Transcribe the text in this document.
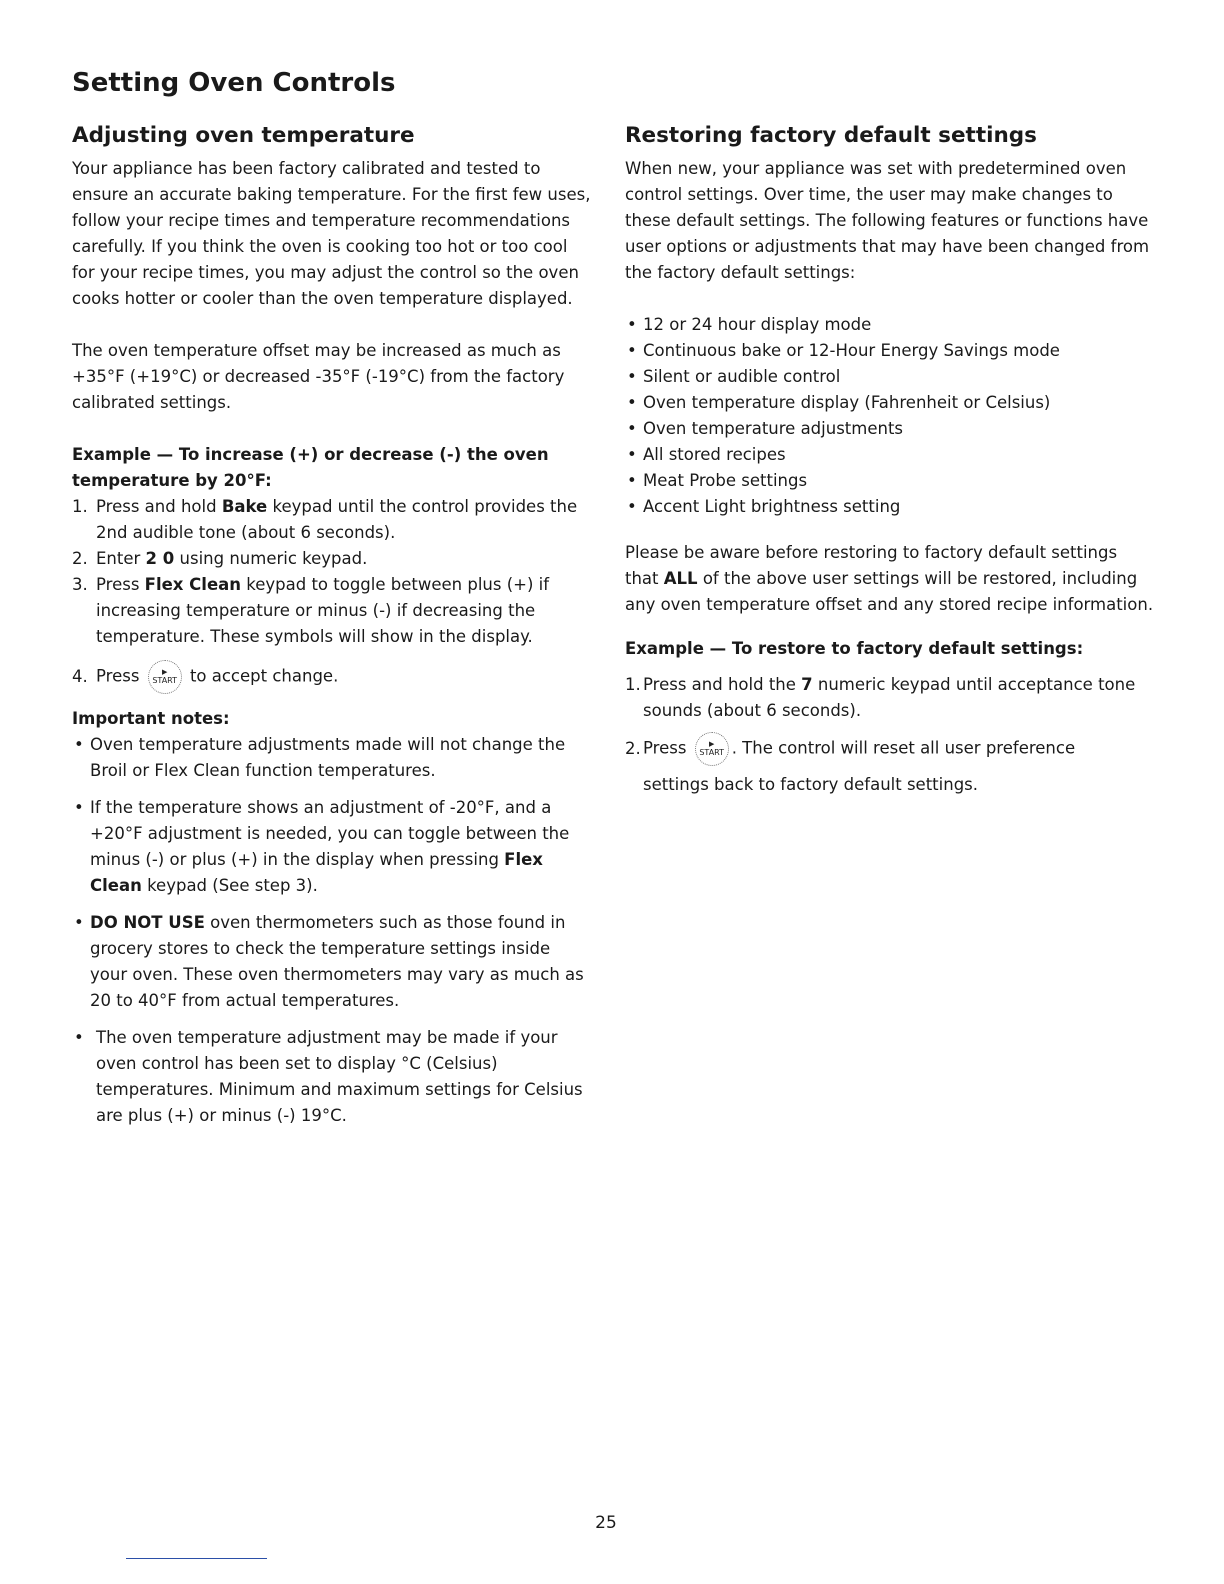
Setting Oven Controls
Adjusting oven temperature

Your appliance has been factory calibrated and tested to ensure an accurate baking temperature. For the first few uses, follow your recipe times and temperature recommendations carefully. If you think the oven is cooking too hot or too cool for your recipe times, you may adjust the control so the oven cooks hotter or cooler than the oven temperature displayed.

The oven temperature offset may be increased as much as +35°F (+19°C) or decreased -35°F (-19°C) from the factory calibrated settings.

Example — To increase (+) or decrease (-) the oven temperature by 20°F:

1. Press and hold Bake keypad until the control provides the 2nd audible tone (about 6 seconds).
2. Enter 2 0 using numeric keypad.
3. Press Flex Clean keypad to toggle between plus (+) if increasing temperature or minus (-) if decreasing the temperature. These symbols will show in the display.
4. Press	▶
START to accept change.

Important notes:

• Oven temperature adjustments made will not change the Broil or Flex Clean function temperatures.
• If the temperature shows an adjustment of -20°F, and a +20°F adjustment is needed, you can toggle between the minus (-) or plus (+) in the display when pressing Flex Clean keypad (See step 3).
• DO NOT USE oven thermometers such as those found in grocery stores to check the temperature settings inside your oven. These oven thermometers may vary as much as 20 to 40°F from actual temperatures.
• The oven temperature adjustment may be made if your oven control has been set to display °C (Celsius) temperatures. Minimum and maximum settings for Celsius are plus (+) or minus (-) 19°C.
Restoring factory default settings

When new, your appliance was set with predetermined oven control settings. Over time, the user may make changes to these default settings. The following features or functions have user options or adjustments that may have been changed from the factory default settings:

• 12 or 24 hour display mode
• Continuous bake or 12-Hour Energy Savings mode
• Silent or audible control
• Oven temperature display (Fahrenheit or Celsius)
• Oven temperature adjustments
• All stored recipes
• Meat Probe settings
• Accent Light brightness setting

Please be aware before restoring to factory default settings that ALL of the above user settings will be restored, including any oven temperature offset and any stored recipe information.

Example — To restore to factory default settings:

1. Press and hold the 7 numeric keypad until acceptance tone sounds (about 6 seconds).
2. Press	▶
START . The control will reset all user preference
settings back to factory default settings.
25
